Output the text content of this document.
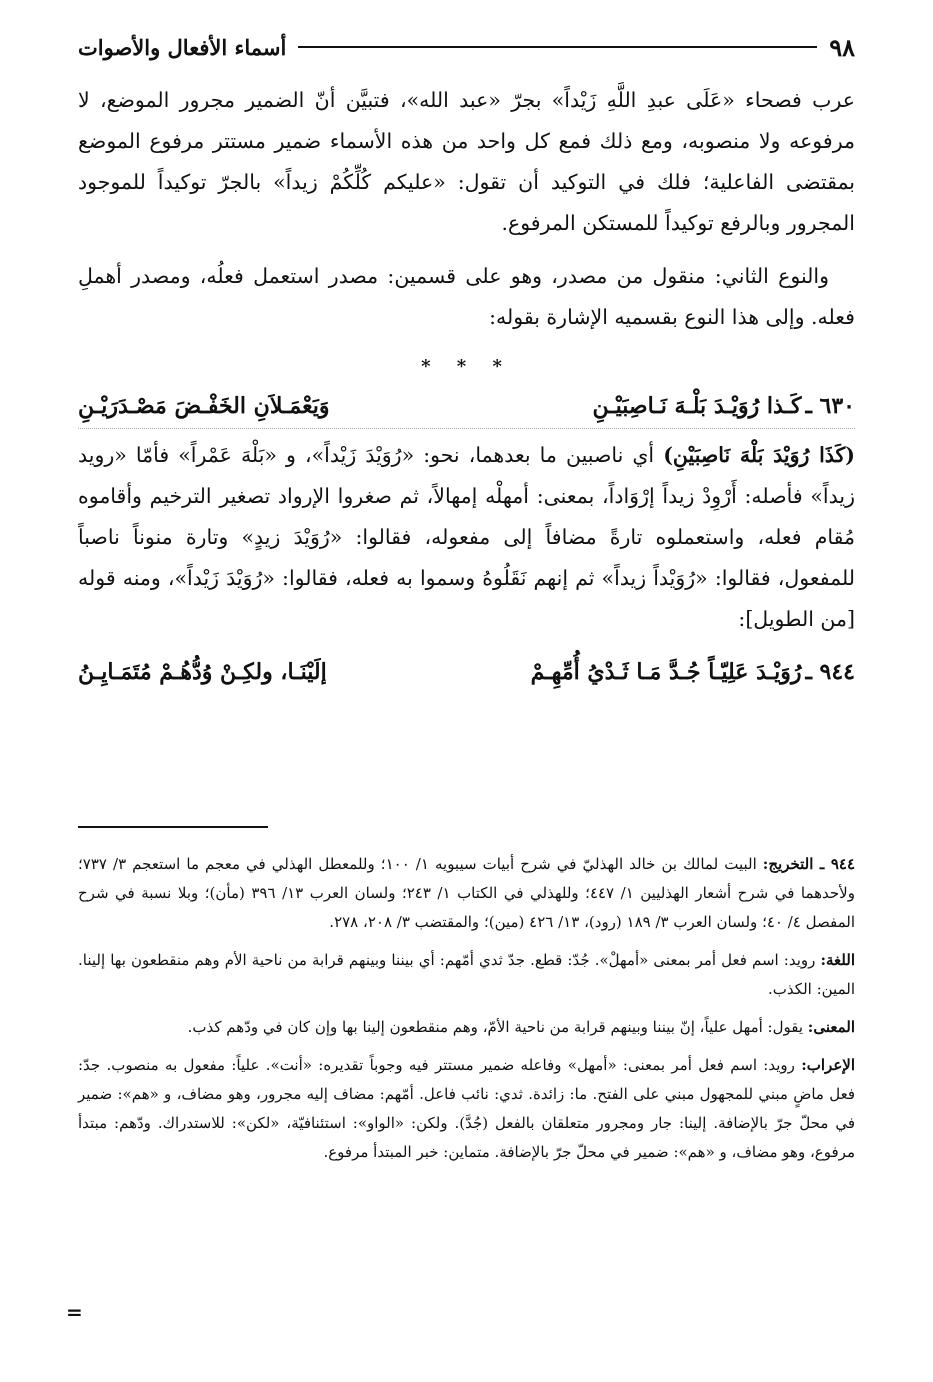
٩٨
أسماء الأفعال والأصوات

عرب فصحاء «عَلَى عبدِ اللَّهِ زَيْداً» بجرّ «عبد الله»، فتبيَّن أنّ الضمير مجرور الموضع، لا مرفوعه ولا منصوبه، ومع ذلك فمع كل واحد من هذه الأسماء ضمير مستتر مرفوع الموضع بمقتضى الفاعلية؛ فلك في التوكيد أن تقول: «عليكم كُلِّكُمْ زيداً» بالجرّ توكيداً للموجود المجرور وبالرفع توكيداً للمستكن المرفوع.

والنوع الثاني: منقول من مصدر، وهو على قسمين: مصدر استعمل فعلُه، ومصدر أهملِ فعله. وإلى هذا النوع بقسميه الإشارة بقوله:

* * *

٦٣٠ ـ
كَـذا رُوَيْـدَ بَلْـهَ نَـاصِبَيْـنِ
وَيَعْمَـلاَنِ الخَفْـضَ مَصْـدَرَيْـنِ

(كَذَا رُوَيْدَ بَلْهَ نَاصِبَيْنِ) أي ناصبين ما بعدهما، نحو: «رُوَيْدَ زَيْداً»، و «بَلْهَ عَمْراً» فأمّا «رويد زيداً» فأصله: أَرْوِدْ زيداً إرْوَاداً، بمعنى: أمهلْه إمهالاً، ثم صغروا الإرواد تصغير الترخيم وأقاموه مُقام فعله، واستعملوه تارةً مضافاً إلى مفعوله، فقالوا: «رُوَيْدَ زيدٍ» وتارة منوناً ناصباً للمفعول، فقالوا: «رُوَيْداً زيداً» ثم إنهم نَقَلُوهُ وسموا به فعله، فقالوا: «رُوَيْدَ زَيْداً»، ومنه قوله [من الطويل]:

٩٤٤ ـ
رُوَيْـدَ عَلِيّـاً جُـدَّ مَـا ثَـدْيُ أُمِّهِـمْ
إلَيْنَـا، ولكِـنْ وُدُّهُـمْ مُتَمَـايِـنُ

٩٤٤ ـ التخريج: البيت لمالك بن خالد الهذليّ في شرح أبيات سيبويه ١/ ١٠٠؛ وللمعطل الهذلي في معجم ما استعجم ٣/ ٧٣٧؛ ولأحدهما في شرح أشعار الهذليين ١/ ٤٤٧؛ وللهذلي في الكتاب ١/ ٢٤٣؛ ولسان العرب ١٣/ ٣٩٦ (مأن)؛ وبلا نسبة في شرح المفصل ٤/ ٤٠؛ ولسان العرب ٣/ ١٨٩ (رود)، ١٣/ ٤٢٦ (مين)؛ والمقتضب ٣/ ٢٠٨، ٢٧٨.

اللغة: رويد: اسم فعل أمر بمعنى «أمهلْ». جُدّ: قطع. جدّ ثدي أمّهم: أي بيننا وبينهم قرابة من ناحية الأم وهم منقطعون بها إلينا. المين: الكذب.

المعنى: يقول: أمهل علياً، إنّ بيننا وبينهم قرابة من ناحية الأمّ، وهم منقطعون إلينا بها وإن كان في ودّهم كذب.

الإعراب: رويد: اسم فعل أمر بمعنى: «أمهل» وفاعله ضمير مستتر فيه وجوباً تقديره: «أنت». علياً: مفعول به منصوب. جدّ: فعل ماضٍ مبني للمجهول مبني على الفتح. ما: زائدة. ثدي: نائب فاعل. أمّهم: مضاف إليه مجرور، وهو مضاف، و «هم»: ضمير في محلّ جرّ بالإضافة. إلينا: جار ومجرور متعلقان بالفعل (جُدَّ). ولكن: «الواو»: استئنافيّة، «لكن»: للاستدراك. ودّهم: مبتدأ مرفوع، وهو مضاف، و «هم»: ضمير في محلّ جرّ بالإضافة. متماين: خبر المبتدأ مرفوع.

=
